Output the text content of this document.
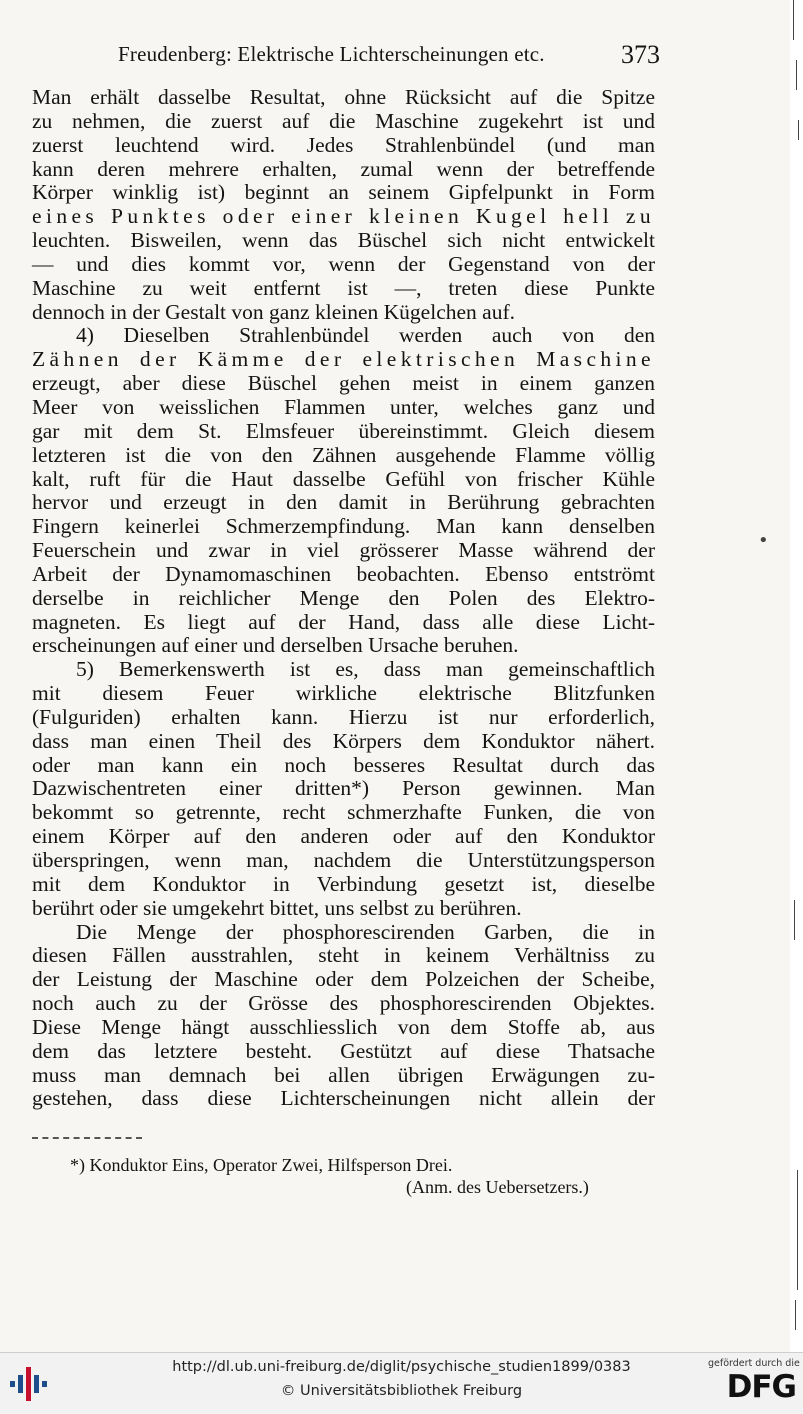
Freudenberg: Elektrische Lichterscheinungen etc.	373
Man erhält dasselbe Resultat, ohne Rücksicht auf die Spitze
zu nehmen, die zuerst auf die Maschine zugekehrt ist und
zuerst leuchtend wird. Jedes Strahlenbündel (und man
kann deren mehrere erhalten, zumal wenn der betreffende
Körper winklig ist) beginnt an seinem Gipfelpunkt in Form
eines Punktes oder einer kleinen Kugel hell zu
leuchten. Bisweilen, wenn das Büschel sich nicht entwickelt
— und dies kommt vor, wenn der Gegenstand von der
Maschine zu weit entfernt ist —, treten diese Punkte
dennoch in der Gestalt von ganz kleinen Kügelchen auf.
4) Dieselben Strahlenbündel werden auch von den
Zähnen der Kämme der elektrischen Maschine
erzeugt, aber diese Büschel gehen meist in einem ganzen
Meer von weisslichen Flammen unter, welches ganz und
gar mit dem St. Elmsfeuer übereinstimmt. Gleich diesem
letzteren ist die von den Zähnen ausgehende Flamme völlig
kalt, ruft für die Haut dasselbe Gefühl von frischer Kühle
hervor und erzeugt in den damit in Berührung gebrachten
Fingern keinerlei Schmerzempfindung. Man kann denselben
Feuerschein und zwar in viel grösserer Masse während der
Arbeit der Dynamomaschinen beobachten. Ebenso entströmt
derselbe in reichlicher Menge den Polen des Elektro-
magneten. Es liegt auf der Hand, dass alle diese Licht-
erscheinungen auf einer und derselben Ursache beruhen.
5) Bemerkenswerth ist es, dass man gemeinschaftlich
mit diesem Feuer wirkliche elektrische Blitzfunken
(Fulguriden) erhalten kann. Hierzu ist nur erforderlich,
dass man einen Theil des Körpers dem Konduktor nähert.
oder man kann ein noch besseres Resultat durch das
Dazwischentreten einer dritten*) Person gewinnen. Man
bekommt so getrennte, recht schmerzhafte Funken, die von
einem Körper auf den anderen oder auf den Konduktor
überspringen, wenn man, nachdem die Unterstützungsperson
mit dem Konduktor in Verbindung gesetzt ist, dieselbe
berührt oder sie umgekehrt bittet, uns selbst zu berühren.
Die Menge der phosphorescirenden Garben, die in
diesen Fällen ausstrahlen, steht in keinem Verhältniss zu
der Leistung der Maschine oder dem Polzeichen der Scheibe,
noch auch zu der Grösse des phosphorescirenden Objektes.
Diese Menge hängt ausschliesslich von dem Stoffe ab, aus
dem das letztere besteht. Gestützt auf diese Thatsache
muss man demnach bei allen übrigen Erwägungen zu-
gestehen, dass diese Lichterscheinungen nicht allein der
*) Konduktor Eins, Operator Zwei, Hilfsperson Drei.
(Anm. des Uebersetzers.)
•
http://dl.ub.uni-freiburg.de/diglit/psychische_studien1899/0383
© Universitätsbibliothek Freiburg
gefördert durch die
DFG
